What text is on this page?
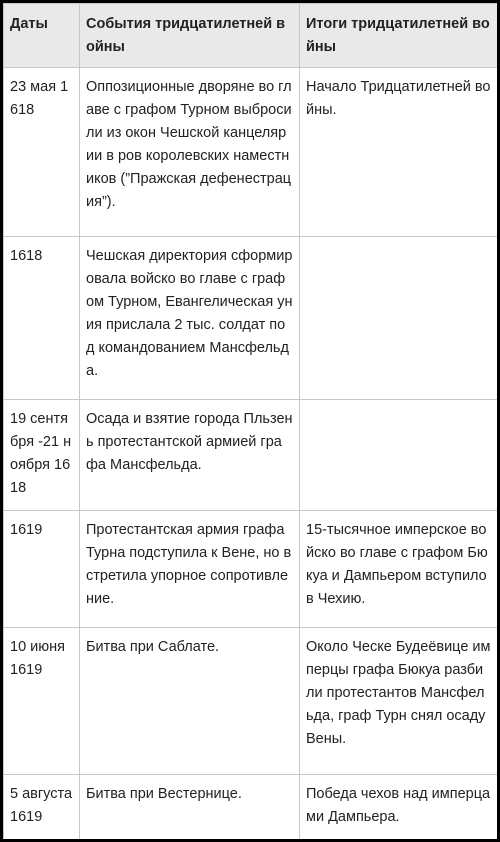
Даты	События тридцатилетней войны	Итоги тридцатилетней войны
23 мая 1618	Оппозиционные дворяне во главе с графом Турном выбросили из окон Чешской канцелярии в ров королевских наместников (”Пражская дефенестрация”).	Начало Тридцатилетней войны.
1618	Чешская директория сформировала войско во главе с графом Турном, Евангелическая уния прислала 2 тыс. солдат под командованием Мансфельда.	
19 сентября -21 ноября 1618	Осада и взятие города Пльзень протестантской армией графа Мансфельда.	
1619	Протестантская армия графа Турна подступила к Вене, но встретила упорное сопротивление.	15-тысячное имперское войско во главе с графом Бюкуа и Дампьером вступило в Чехию.
10 июня 1619	Битва при Саблате.	Около Ческе Будеёвице имперцы графа Бюкуа разбили протестантов Мансфельда, граф Турн снял осаду Вены.
5 августа 1619	Битва при Вестернице.	Победа чехов над имперцами Дампьера.
